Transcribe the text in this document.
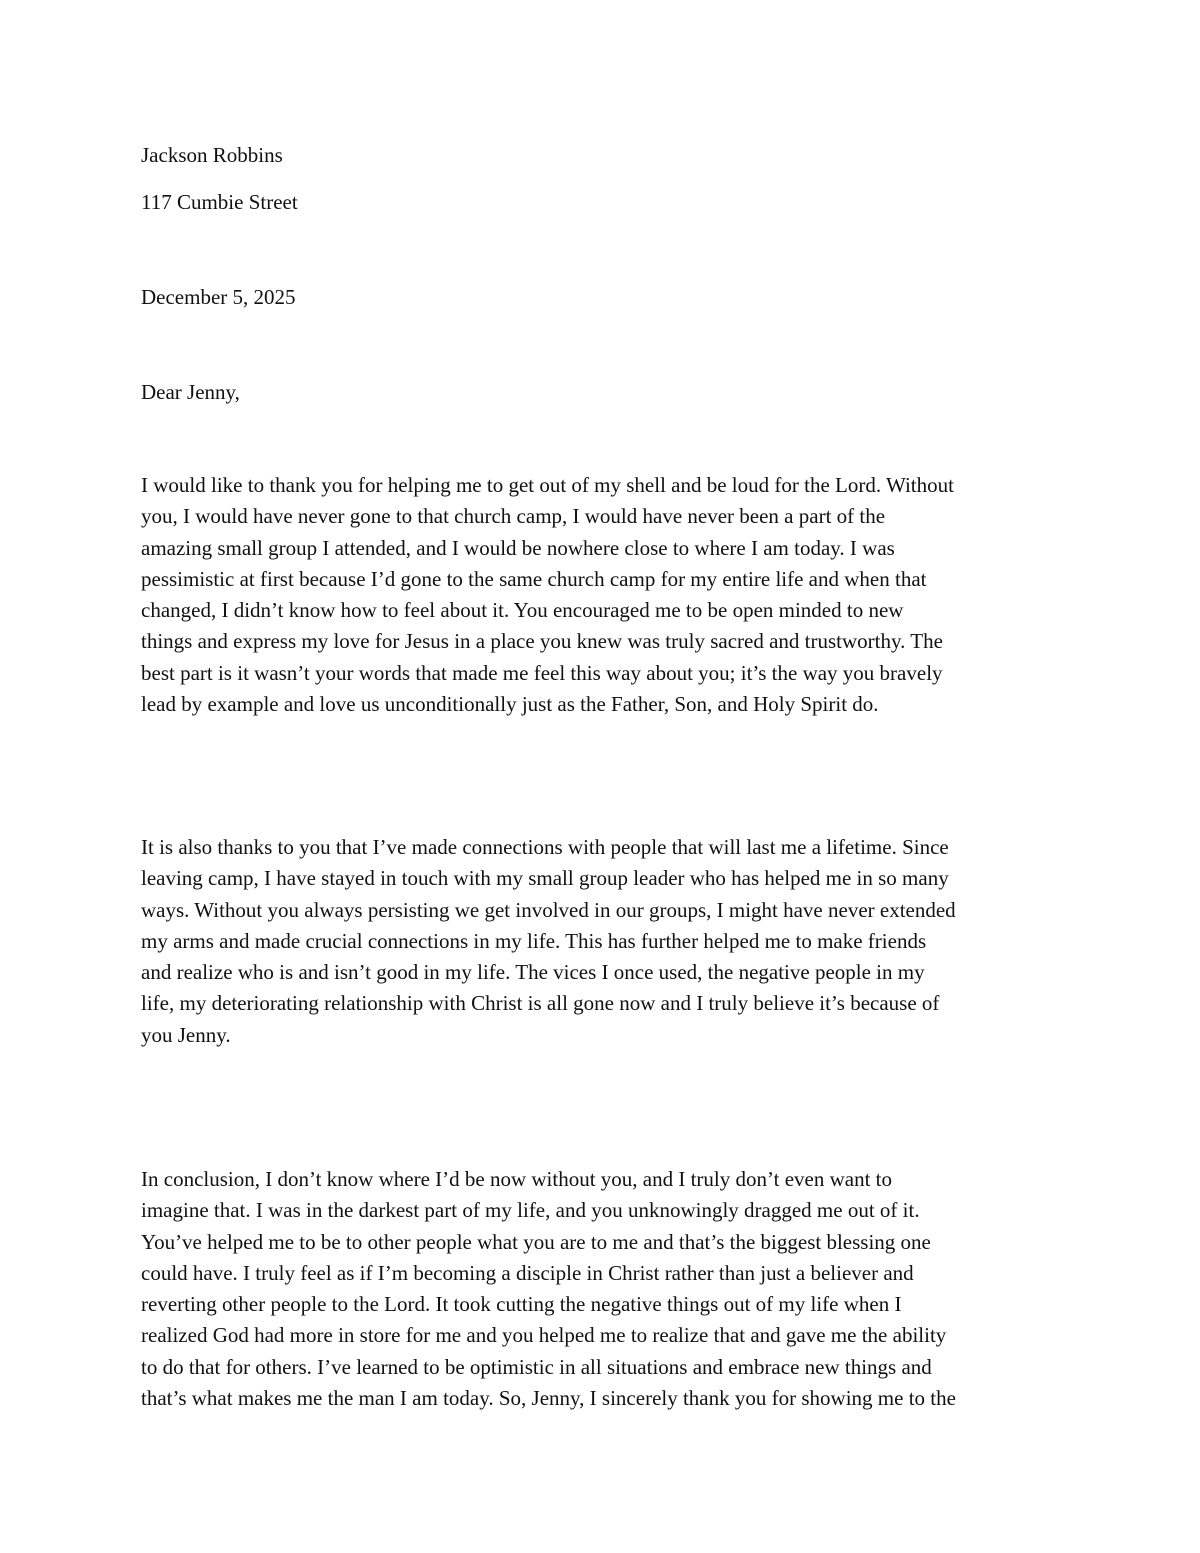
Jackson Robbins
117 Cumbie Street
December 5, 2025
Dear Jenny,
I would like to thank you for helping me to get out of my shell and be loud for the Lord. Without
you, I would have never gone to that church camp, I would have never been a part of the
amazing small group I attended, and I would be nowhere close to where I am today. I was
pessimistic at first because I’d gone to the same church camp for my entire life and when that
changed, I didn’t know how to feel about it. You encouraged me to be open minded to new
things and express my love for Jesus in a place you knew was truly sacred and trustworthy. The
best part is it wasn’t your words that made me feel this way about you; it’s the way you bravely
lead by example and love us unconditionally just as the Father, Son, and Holy Spirit do.
It is also thanks to you that I’ve made connections with people that will last me a lifetime. Since
leaving camp, I have stayed in touch with my small group leader who has helped me in so many
ways. Without you always persisting we get involved in our groups, I might have never extended
my arms and made crucial connections in my life. This has further helped me to make friends
and realize who is and isn’t good in my life. The vices I once used, the negative people in my
life, my deteriorating relationship with Christ is all gone now and I truly believe it’s because of
you Jenny.
In conclusion, I don’t know where I’d be now without you, and I truly don’t even want to
imagine that. I was in the darkest part of my life, and you unknowingly dragged me out of it.
You’ve helped me to be to other people what you are to me and that’s the biggest blessing one
could have. I truly feel as if I’m becoming a disciple in Christ rather than just a believer and
reverting other people to the Lord. It took cutting the negative things out of my life when I
realized God had more in store for me and you helped me to realize that and gave me the ability
to do that for others. I’ve learned to be optimistic in all situations and embrace new things and
that’s what makes me the man I am today. So, Jenny, I sincerely thank you for showing me to the
